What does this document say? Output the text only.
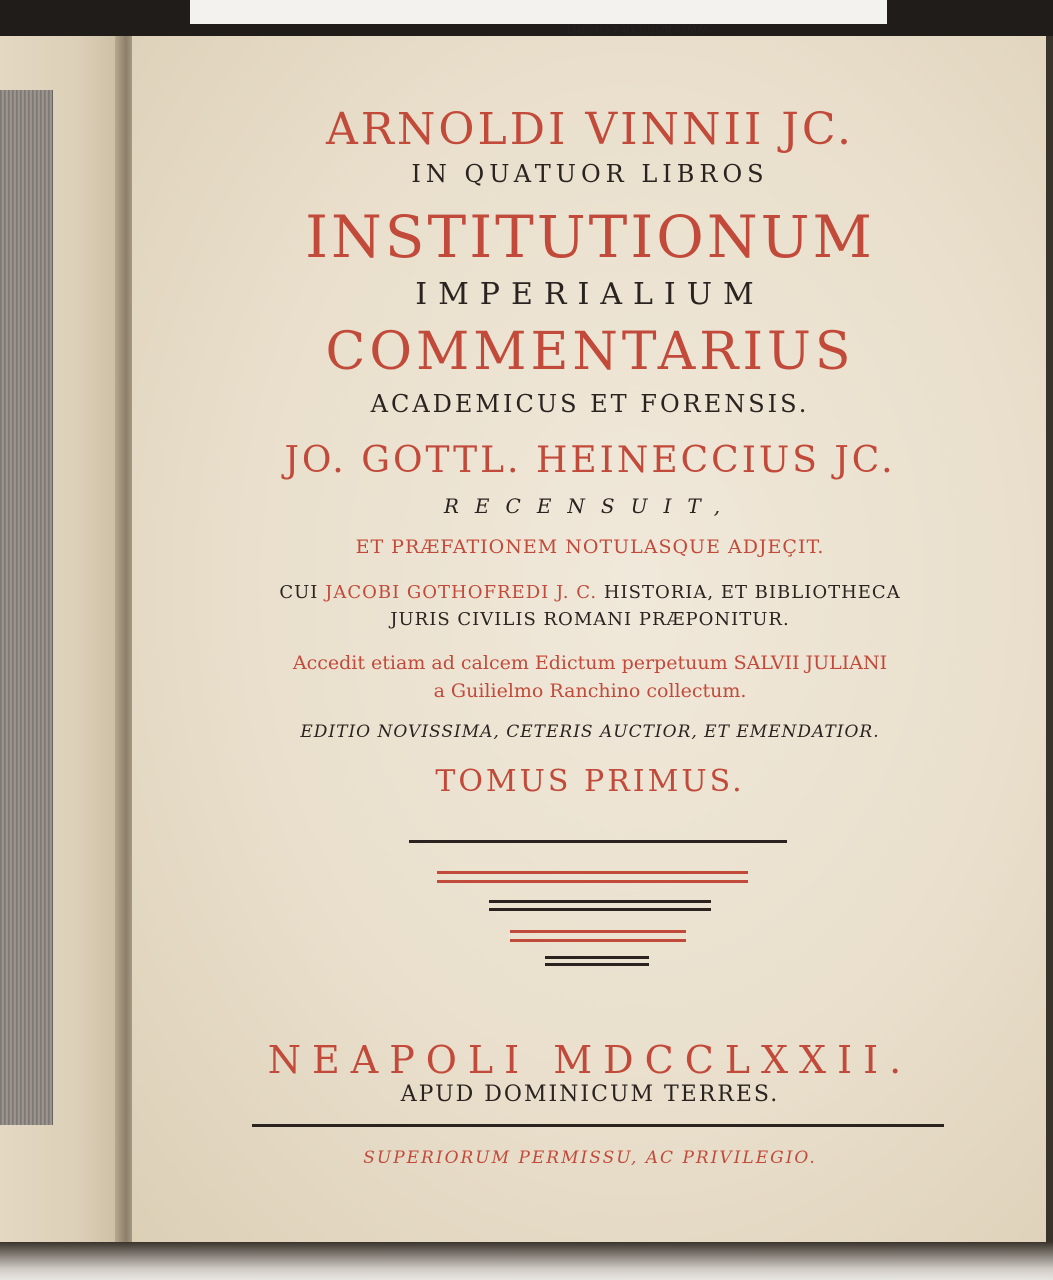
WWW.AGRICOLASHOP.IT

ARNOLDI VINNII JC.

IN QUATUOR LIBROS

INSTITUTIONUM

IMPERIALIUM

COMMENTARIUS

ACADEMICUS ET FORENSIS.

JO. GOTTL. HEINECCIUS JC.

RECENSUIT,

ET PRÆFATIONEM NOTULASQUE ADJEÇIT.

CUI JACOBI GOTHOFREDI J. C. HISTORIA, ET BIBLIOTHECA

JURIS CIVILIS ROMANI PRÆPONITUR.

Accedit etiam ad calcem Edictum perpetuum SALVII JULIANI

a Guilielmo Ranchino collectum.

EDITIO NOVISSIMA, CETERIS AUCTIOR, ET EMENDATIOR.

TOMUS PRIMUS.

NEAPOLI MDCCLXXII.

APUD DOMINICUM TERRES.

SUPERIORUM PERMISSU, AC PRIVILEGIO.
